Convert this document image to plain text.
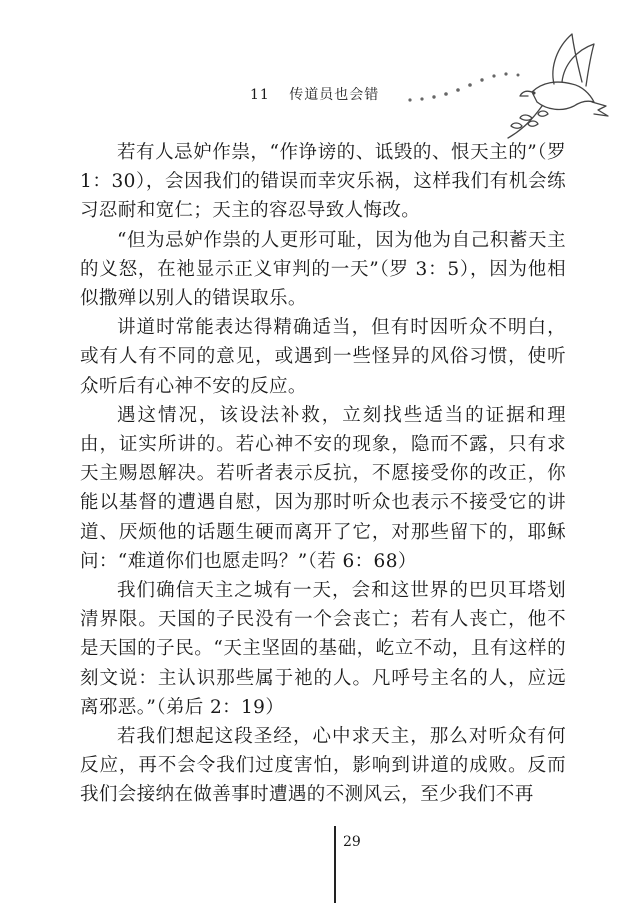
11 传道员也会错

若有人忌妒作祟，“作诤谤的、诋毁的、恨天主的”（罗1：30），会因我们的错误而幸灾乐祸，这样我们有机会练习忍耐和宽仁；天主的容忍导致人悔改。

“但为忌妒作祟的人更形可耻，因为他为自己积蓄天主的义怒，在祂显示正义审判的一天”（罗 3：5），因为他相似撒殚以别人的错误取乐。

讲道时常能表达得精确适当，但有时因听众不明白，或有人有不同的意见，或遇到一些怪异的风俗习惯，使听众听后有心神不安的反应。

遇这情况，该设法补救，立刻找些适当的证据和理由，证实所讲的。若心神不安的现象，隐而不露，只有求天主赐恩解决。若听者表示反抗，不愿接受你的改正，你能以基督的遭遇自慰，因为那时听众也表示不接受它的讲道、厌烦他的话题生硬而离开了它，对那些留下的，耶稣问：“难道你们也愿走吗？”（若 6：68）

我们确信天主之城有一天，会和这世界的巴贝耳塔划清界限。天国的子民没有一个会丧亡；若有人丧亡，他不是天国的子民。“天主坚固的基础，屹立不动，且有这样的刻文说：主认识那些属于祂的人。凡呼号主名的人，应远离邪恶。”（弟后 2：19）

若我们想起这段圣经，心中求天主，那么对听众有何反应，再不会令我们过度害怕，影响到讲道的成败。反而我们会接纳在做善事时遭遇的不测风云，至少我们不再

29
